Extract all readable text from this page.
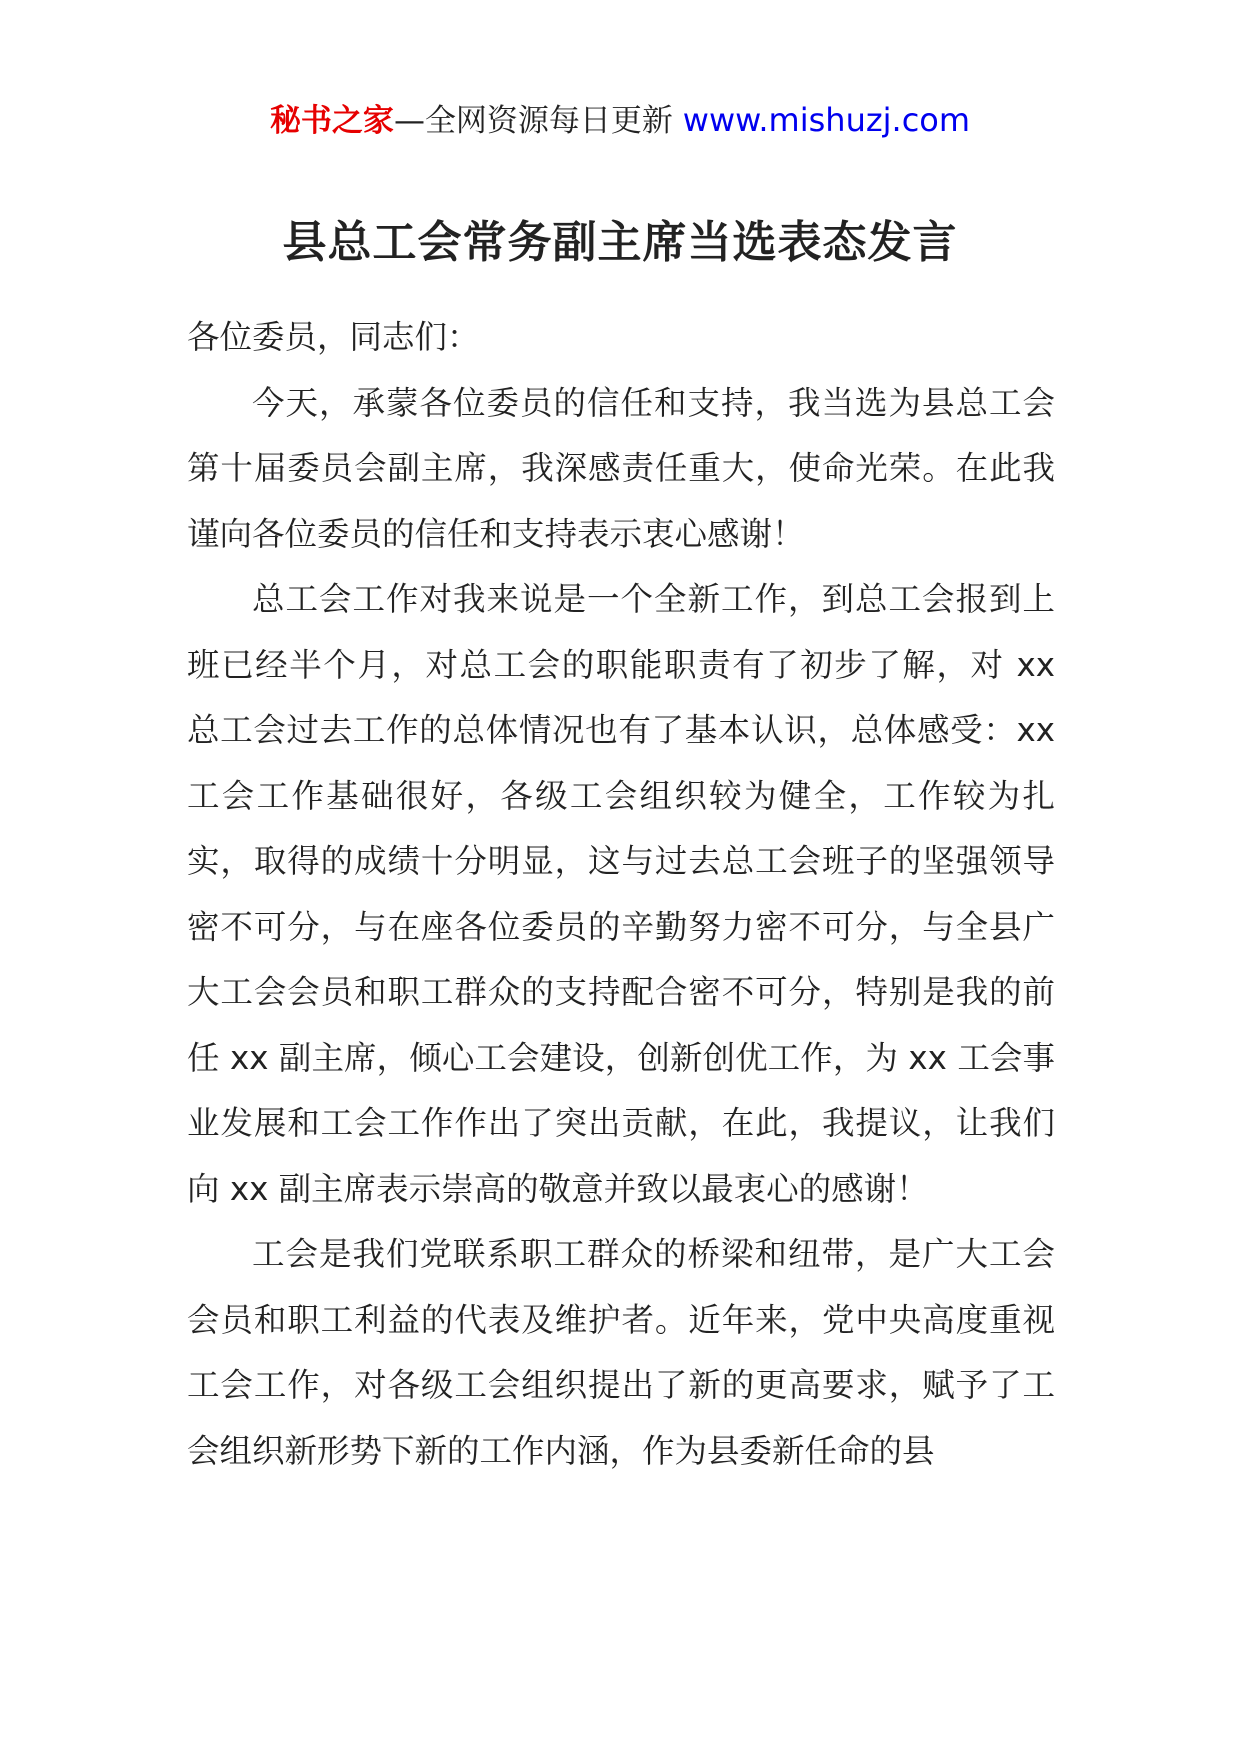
秘书之家—全网资源每日更新 www.mishuzj.com
县总工会常务副主席当选表态发言

各位委员，同志们：

今天，承蒙各位委员的信任和支持，我当选为县总工会第十届委员会副主席，我深感责任重大，使命光荣。在此我谨向各位委员的信任和支持表示衷心感谢！

总工会工作对我来说是一个全新工作，到总工会报到上班已经半个月，对总工会的职能职责有了初步了解，对 xx 总工会过去工作的总体情况也有了基本认识，总体感受：xx 工会工作基础很好，各级工会组织较为健全，工作较为扎实，取得的成绩十分明显，这与过去总工会班子的坚强领导密不可分，与在座各位委员的辛勤努力密不可分，与全县广大工会会员和职工群众的支持配合密不可分，特别是我的前任 xx 副主席，倾心工会建设，创新创优工作，为 xx 工会事业发展和工会工作作出了突出贡献，在此，我提议，让我们向 xx 副主席表示崇高的敬意并致以最衷心的感谢！

工会是我们党联系职工群众的桥梁和纽带，是广大工会会员和职工利益的代表及维护者。近年来，党中央高度重视工会工作，对各级工会组织提出了新的更高要求，赋予了工会组织新形势下新的工作内涵，作为县委新任命的县
